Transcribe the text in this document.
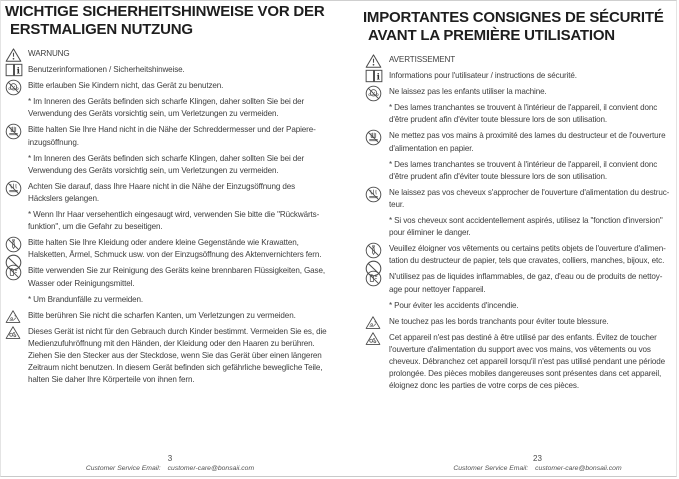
WICHTIGE SICHERHEITSHINWEISE VOR DER
ERSTMALIGEN NUTZUNG
WARNUNG
i Benutzerinformationen / Sicherheitshinweise.
Bitte erlauben Sie Kindern nicht, das Gerät zu benutzen.
* Im Inneren des Geräts befinden sich scharfe Klingen, daher sollten Sie bei der Verwendung des Geräts vorsichtig sein, um Verletzungen zu vermeiden.
Bitte halten Sie Ihre Hand nicht in die Nähe der Schreddermesser und der Papiere-inzugsöffnung.
* Im Inneren des Geräts befinden sich scharfe Klingen, daher sollten Sie bei der Verwendung des Geräts vorsichtig sein, um Verletzungen zu vermeiden.
Achten Sie darauf, dass Ihre Haare nicht in die Nähe der Einzugsöffnung des Häckslers gelangen.
* Wenn Ihr Haar versehentlich eingesaugt wird, verwenden Sie bitte die "Rückwärts-funktion", um die Gefahr zu beseitigen.
Bitte halten Sie Ihre Kleidung oder andere kleine Gegenstände wie Krawatten, Halsketten, Ärmel, Schmuck usw. von der Einzugsöffnung des Aktenvernichters fern.
Bitte verwenden Sie zur Reinigung des Geräts keine brennbaren Flüssigkeiten, Gase, Wasser oder Reinigungsmittel.
* Um Brandunfälle zu vermeiden.
Bitte berühren Sie nicht die scharfen Kanten, um Verletzungen zu vermeiden.
Dieses Gerät ist nicht für den Gebrauch durch Kinder bestimmt. Vermeiden Sie es, die Medienzufuhröffnung mit den Händen, der Kleidung oder den Haaren zu berühren. Ziehen Sie den Stecker aus der Steckdose, wenn Sie das Gerät über einen längeren Zeitraum nicht benutzen. In diesem Gerät befinden sich gefährliche bewegliche Teile, halten Sie daher Ihre Körperteile von ihnen fern.
3
Customer Service Email: customer-care@bonsaii.com
IMPORTANTES CONSIGNES DE SÉCURITÉ
AVANT LA PREMIÈRE UTILISATION
AVERTISSEMENT
i Informations pour l'utilisateur / instructions de sécurité.
Ne laissez pas les enfants utiliser la machine.
* Des lames tranchantes se trouvent à l'intérieur de l'appareil, il convient donc d'être prudent afin d'éviter toute blessure lors de son utilisation.
Ne mettez pas vos mains à proximité des lames du destructeur et de l'ouverture d'alimentation en papier.
* Des lames tranchantes se trouvent à l'intérieur de l'appareil, il convient donc d'être prudent afin d'éviter toute blessure lors de son utilisation.
Ne laissez pas vos cheveux s'approcher de l'ouverture d'alimentation du destruc-teur.
* Si vos cheveux sont accidentellement aspirés, utilisez la "fonction d'inversion" pour éliminer le danger.
Veuillez éloigner vos vêtements ou certains petits objets de l'ouverture d'alimen-tation du destructeur de papier, tels que cravates, colliers, manches, bijoux, etc.
N'utilisez pas de liquides inflammables, de gaz, d'eau ou de produits de nettoy-age pour nettoyer l'appareil.
* Pour éviter les accidents d'incendie.
Ne touchez pas les bords tranchants pour éviter toute blessure.
Cet appareil n'est pas destiné à être utilisé par des enfants. Évitez de toucher l'ouverture d'alimentation du support avec vos mains, vos vêtements ou vos cheveux. Débranchez cet appareil lorsqu'il n'est pas utilisé pendant une période prolongée. Des pièces mobiles dangereuses sont présentes dans cet appareil, éloignez donc les parties de votre corps de ces pièces.
23
Customer Service Email: customer-care@bonsaii.com
